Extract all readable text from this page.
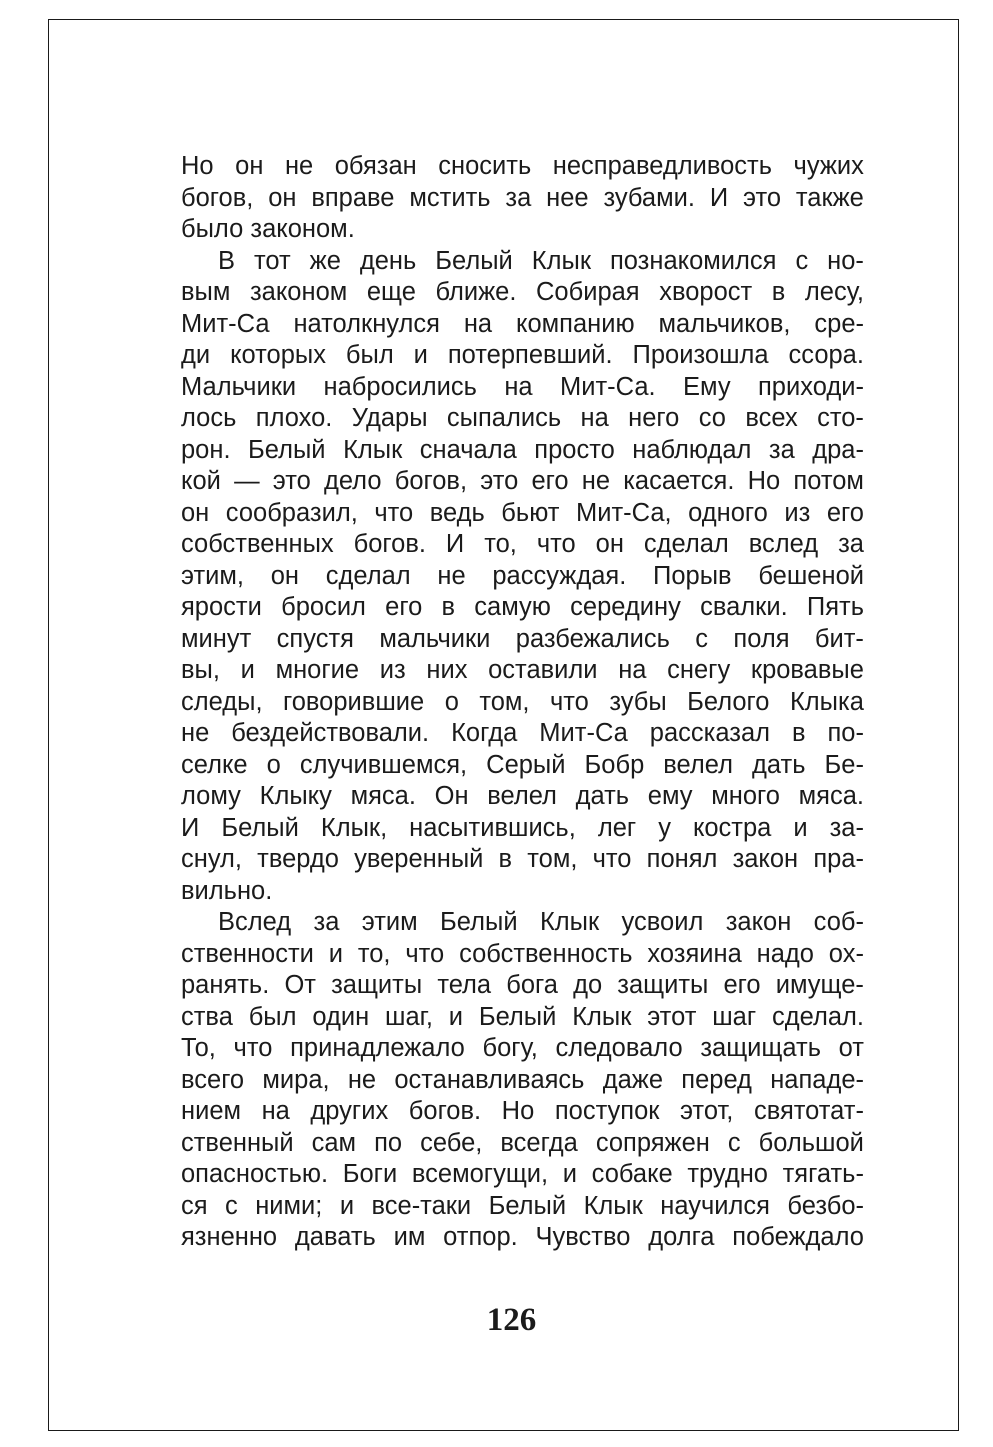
Но он не обязан сносить несправедливость чужих
богов, он вправе мстить за нее зубами. И это также
было законом.
В тот же день Белый Клык познакомился с но-
вым законом еще ближе. Собирая хворост в лесу,
Мит-Са натолкнулся на компанию мальчиков, сре-
ди которых был и потерпевший. Произошла ссора.
Мальчики набросились на Мит-Са. Ему приходи-
лось плохо. Удары сыпались на него со всех сто-
рон. Белый Клык сначала просто наблюдал за дра-
кой — это дело богов, это его не касается. Но потом
он сообразил, что ведь бьют Мит-Са, одного из его
собственных богов. И то, что он сделал вслед за
этим, он сделал не рассуждая. Порыв бешеной
ярости бросил его в самую середину свалки. Пять
минут спустя мальчики разбежались с поля бит-
вы, и многие из них оставили на снегу кровавые
следы, говорившие о том, что зубы Белого Клыка
не бездействовали. Когда Мит-Са рассказал в по-
селке о случившемся, Серый Бобр велел дать Бе-
лому Клыку мяса. Он велел дать ему много мяса.
И Белый Клык, насытившись, лег у костра и за-
снул, твердо уверенный в том, что понял закон пра-
вильно.
Вслед за этим Белый Клык усвоил закон соб-
ственности и то, что собственность хозяина надо ох-
ранять. От защиты тела бога до защиты его имуще-
ства был один шаг, и Белый Клык этот шаг сделал.
То, что принадлежало богу, следовало защищать от
всего мира, не останавливаясь даже перед нападе-
нием на других богов. Но поступок этот, святотат-
ственный сам по себе, всегда сопряжен с большой
опасностью. Боги всемогущи, и собаке трудно тягать-
ся с ними; и все-таки Белый Клык научился безбо-
язненно давать им отпор. Чувство долга побеждало
126
